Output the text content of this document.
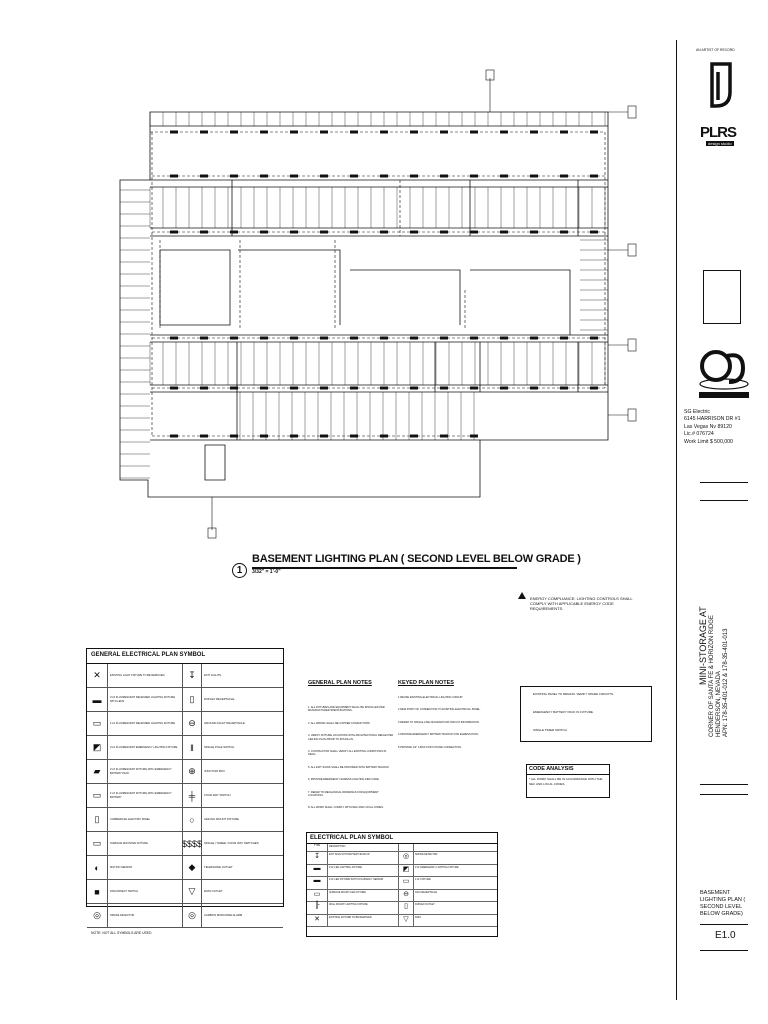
1
BASEMENT LIGHTING PLAN ( SECOND LEVEL BELOW GRADE )
3/32" = 1'-0"
ENERGY COMPLIANCE: LIGHTING CONTROLS SHALL COMPLY WITH APPLICABLE ENERGY CODE REQUIREMENTS.
EXISTING PANEL TO REMAIN. VERIFY SPARE CIRCUITS.
EMERGENCY BATTERY PACK IN FIXTURE.
SINGLE TIMER SWITCH
CODE ANALYSIS
* ALL WORK SHALL BE IN ACCORDANCE WITH THE NEC AND LOCAL CODES.
GENERAL ELECTRICAL PLAN SYMBOL
✕	EXISTING LIGHT FIXTURE TO BE REMOVED	↧	EXIT LIGHTS
▬	2'x4' FLUORESCENT RECESSED LIGHTING FIXTURE WITH LENS	▯	DUPLEX RECEPTACLE
▭	1'x4' FLUORESCENT RECESSED LIGHTING FIXTURE	⊖	GROUND FAULT RECEPTACLE
◩	2'x4' FLUORESCENT EMERGENCY LIGHTING FIXTURE	‖	SINGLE POLE SWITCH
▰	2'x4' FLUORESCENT FIXTURE WITH EMERGENCY BATTERY PACK	⊕	JUNCTION BOX
▭	1'x4' FLUORESCENT FIXTURE WITH EMERGENCY BATTERY	╪	FOUR WAY SWITCH
▯	COMMERCIAL ELECTRIC PANEL	○	CEILING MOUNT FIXTURE
▭	SURFACE MOUNTED FIXTURE	$$$$ SINGLE / THREE / FOUR WAY SWITCHES
◐	MOTION SENSOR	◆	TELEPHONE OUTLET
■	DISCONNECT SWITCH	▽	DATA OUTLET
◎	SMOKE DETECTOR	◎	CARBON MONOXIDE ALARM
NOTE: NOT ALL SYMBOLS ARE USED.
GENERAL PLAN NOTES
1. ALL FIXTURES AND EQUIPMENT SHALL BE INSTALLED PER MANUFACTURER SPECIFICATIONS.
2. ALL WIRING SHALL BE COPPER CONDUCTORS.
3. VERIFY FIXTURE LOCATIONS WITH ARCHITECTURAL REFLECTED CEILING PLAN PRIOR TO ROUGH-IN.
4. CONTRACTOR SHALL VERIFY ALL EXISTING CONDITIONS IN FIELD.
5. ALL EXIT SIGNS SHALL BE PROVIDED WITH BATTERY BACKUP.
6. PROVIDE EMERGENCY EGRESS LIGHTING PER CODE.
7. REFER TO MECHANICAL DRAWINGS FOR EQUIPMENT LOCATIONS.
8. ALL WORK SHALL COMPLY WITH NEC AND LOCAL CODES.
KEYED PLAN NOTES
1 REUSE EXISTING ELECTRICAL LIGHTING CIRCUIT.
2 NEW POINT OF CONNECTION TO EXISTING ELECTRICAL PANEL.
3 REFER TO SINGLE LINE DIAGRAM FOR CIRCUIT INFORMATION.
4 PROVIDE EMERGENCY BATTERY BACKUP FOR EGRESS PATH.
5 PROVIDE 1/2" J-BOX FOR FUTURE CONNECTION.
ELECTRICAL PLAN SYMBOL
TYPE	DESCRIPTION
↧	EXIT SIGN WITH BATTERY BACKUP	◎	SMOKE DETECTOR
▬	2'x4' LED LIGHTING FIXTURE	◩	2'x4' EMERGENCY LIGHTING FIXTURE
▬	2'x4' LED FIXTURE WITH OCCUPANCY SENSOR	▭	1'x4' FIXTURE
▭	SURFACE MOUNT LED FIXTURE	⊖	GFCI RECEPTACLE
╟	WALL MOUNT LIGHTING FIXTURE	▯	DUPLEX OUTLET
✕	EXISTING FIXTURE TO BE REMOVED	▽	DATA
AN ARTIST OF RECORD
PLRS
design studio
SG Electric
6145 HARRISON DR #1
Las Vegas Nv 89120
Lic.# 076724
Work Limit $ 500,000
MINI-STORAGE AT CORNER OF SANTA FE & HORIZON RIDGE HENDERSON, NEVADA APN: 178-35-401-012 & 178-35-401-013
BASEMENT LIGHTING PLAN ( SECOND LEVEL BELOW GRADE)
E1.0
